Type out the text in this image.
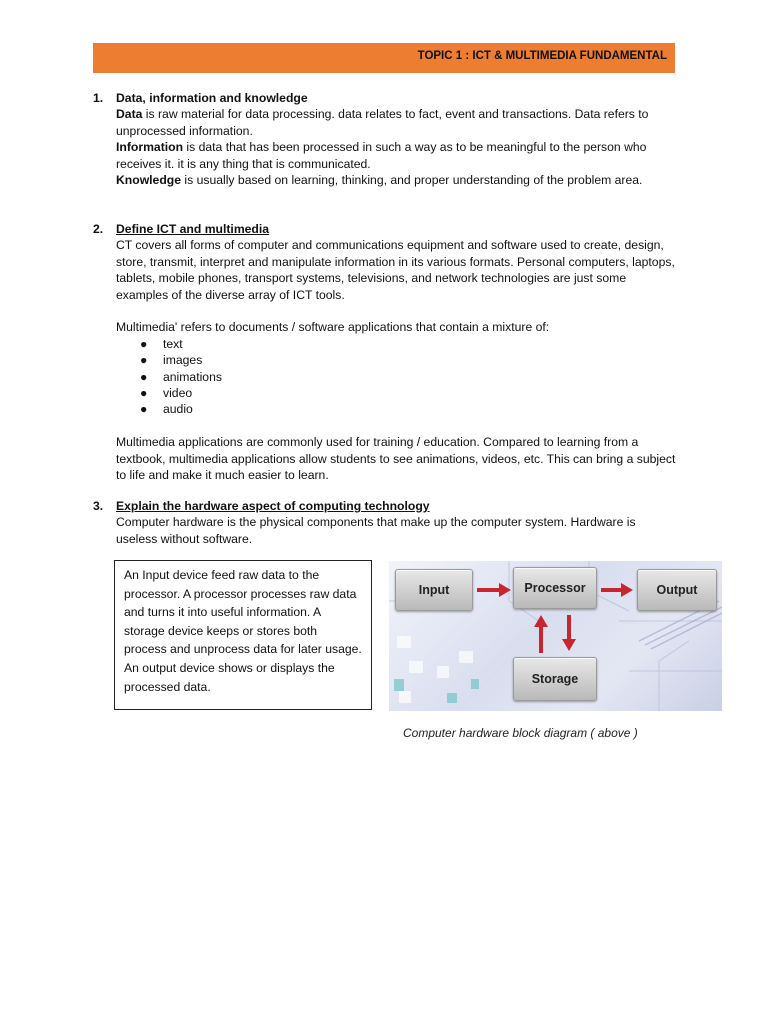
TOPIC 1 : ICT & MULTIMEDIA FUNDAMENTAL
1.	Data, information and knowledge

Data is raw material for data processing. data relates to fact, event and transactions. Data refers to unprocessed information.

Information is data that has been processed in such a way as to be meaningful to the person who receives it. it is any thing that is communicated.

Knowledge is usually based on learning, thinking, and proper understanding of the problem area.

2.	Define ICT and multimedia

CT covers all forms of computer and communications equipment and software used to create, design, store, transmit, interpret and manipulate information in its various formats. Personal computers, laptops, tablets, mobile phones, transport systems, televisions, and network technologies are just some examples of the diverse array of ICT tools.

Multimedia' refers to documents / software applications that contain a mixture of:

● text
● images
● animations
● video
● audio

Multimedia applications are commonly used for training / education. Compared to learning from a textbook, multimedia applications allow students to see animations, videos, etc. This can bring a subject to life and make it much easier to learn.

3.	Explain the hardware aspect of computing technology

Computer hardware is the physical components that make up the computer system. Hardware is useless without software.

An Input device feed raw data to the processor. A processor processes raw data and turns it into useful information. A storage device keeps or stores both process and unprocess data for later usage. An output device shows or displays the processed data.
Input	Processor	Output
Storage
Computer hardware block diagram ( above )
